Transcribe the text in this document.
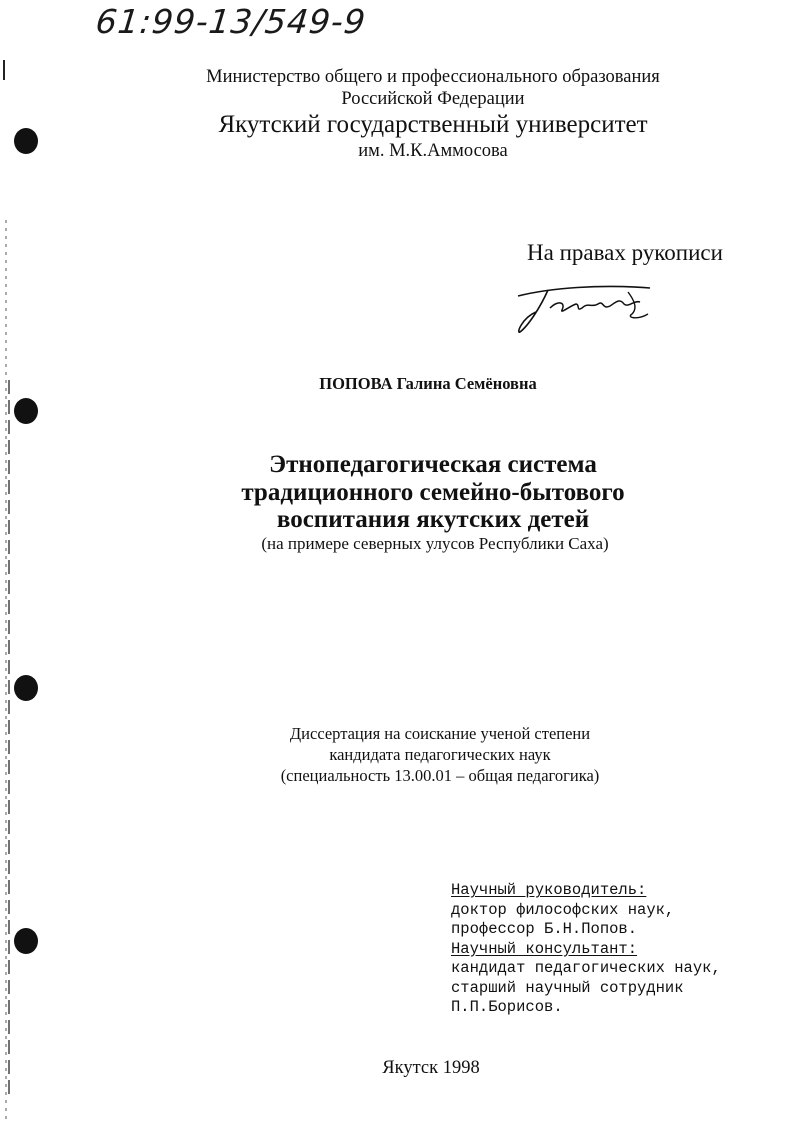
61:99-13/549-9
Министерство общего и профессионального образования
Российской Федерации
Якутский государственный университет
им. М.К.Аммосова
На правах рукописи
ПОПОВА Галина Семёновна
Этнопедагогическая система
традиционного семейно-бытового
воспитания якутских детей
(на примере северных улусов Республики Саха)
Диссертация на соискание ученой степени
кандидата педагогических наук
(специальность 13.00.01 – общая педагогика)
Научный руководитель:
доктор философских наук,
профессор Б.Н.Попов.
Научный консультант:
кандидат педагогических наук,
старший научный сотрудник
П.П.Борисов.
Якутск 1998
